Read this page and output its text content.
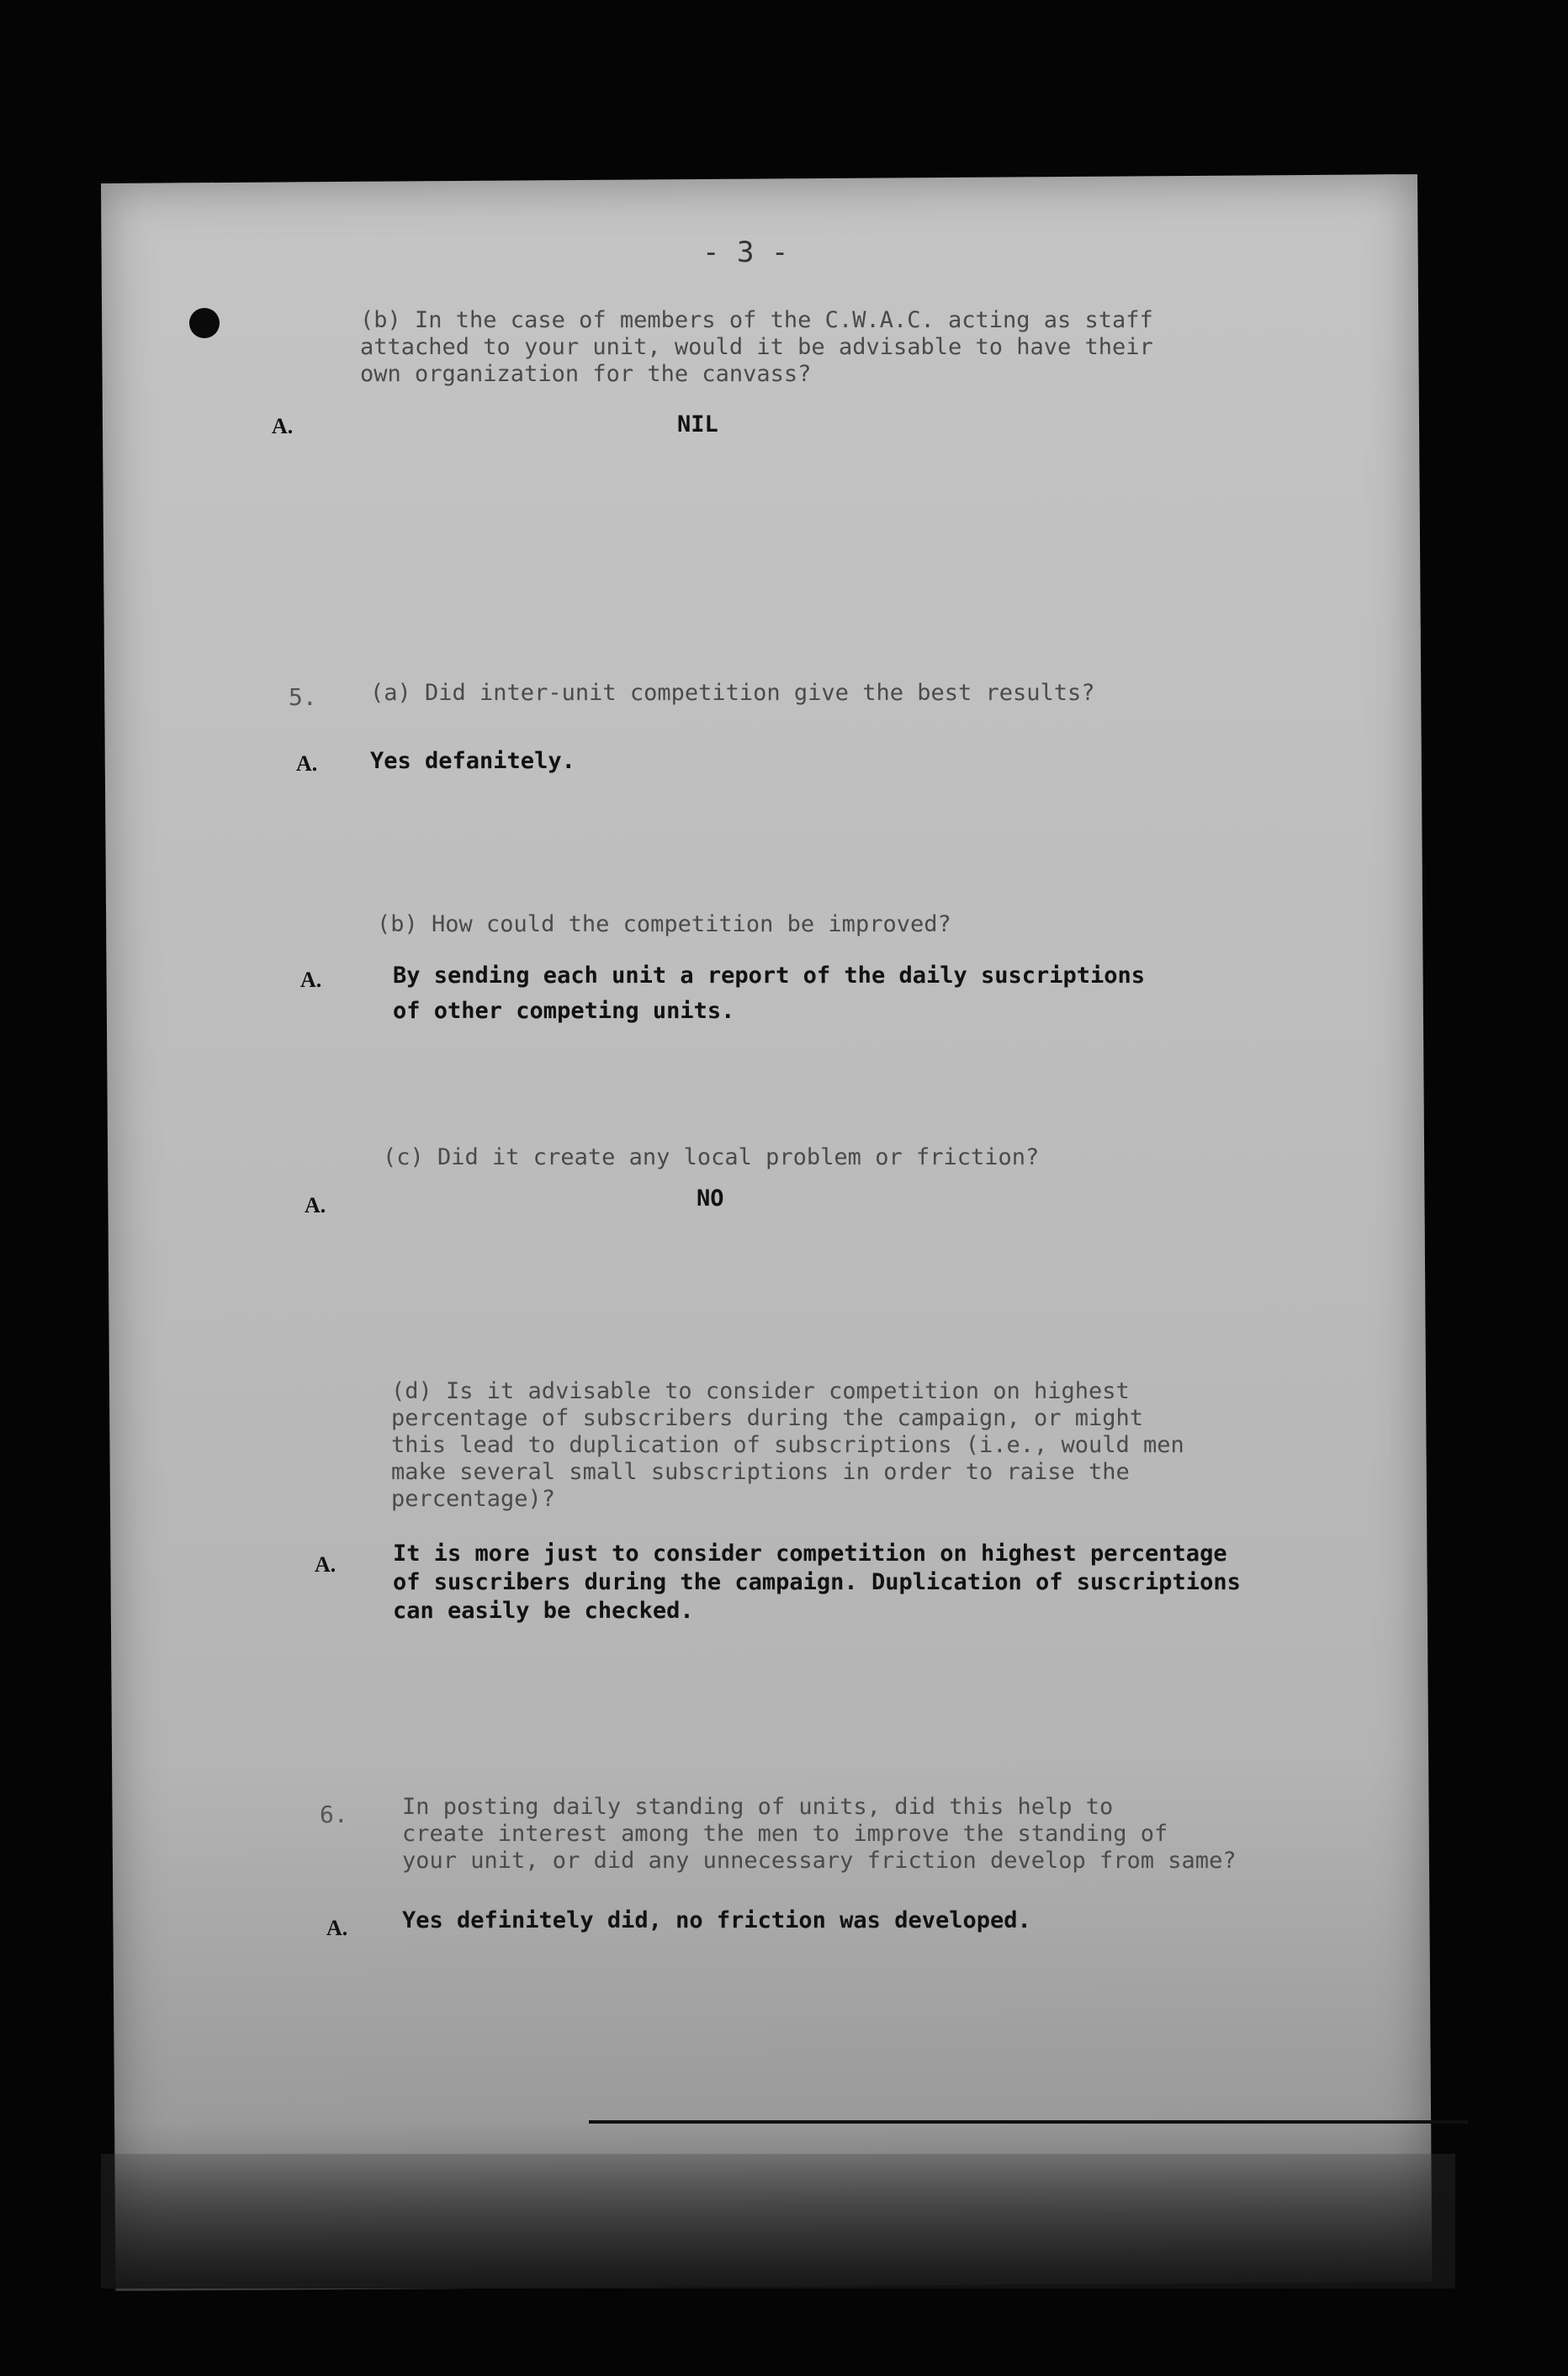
- 3 -
(b) In the case of members of the C.W.A.C. acting as staff
attached to your unit, would it be advisable to have their
own organization for the canvass?
A.	NIL
5. (a) Did inter-unit competition give the best results?
A. Yes defanitely.
(b) How could the competition be improved?
A.	By sending each unit a report of the daily suscriptions
of other competing units.
(c) Did it create any local problem or friction?
A.	NO
(d) Is it advisable to consider competition on highest
percentage of subscribers during the campaign, or might
this lead to duplication of subscriptions (i.e., would men
make several small subscriptions in order to raise the
percentage)?
A.	It is more just to consider competition on highest percentage
of suscribers during the campaign. Duplication of suscriptions
can easily be checked.
6. In posting daily standing of units, did this help to
create interest among the men to improve the standing of
your unit, or did any unnecessary friction develop from same?
A. Yes definitely did, no friction was developed.
